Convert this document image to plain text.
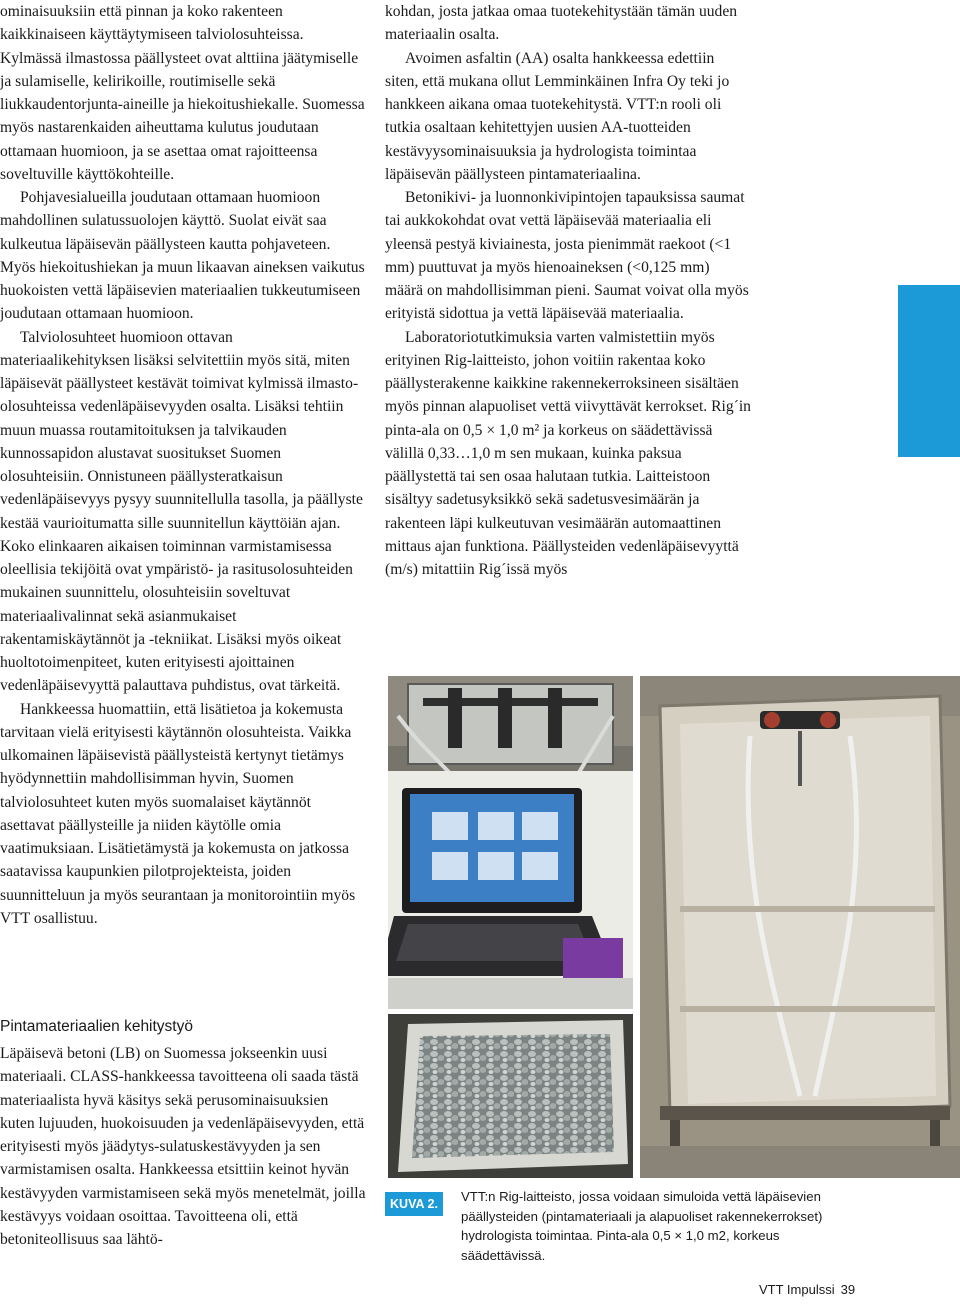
ominaisuuksiin että pinnan ja koko rakenteen kaikkinaiseen käyttäytymiseen talviolosuhteissa. Kylmässä ilmastossa päällysteet ovat alttiina jäätymiselle ja sulamiselle, kelirikoille, routimiselle sekä liukkaudentorjunta-aineille ja hiekoitushiekalle. Suomessa myös nastarenkaiden aiheuttama kulutus joudutaan ottamaan huomioon, ja se asettaa omat rajoitteensa soveltuville käyttökohteille.

Pohjavesialueilla joudutaan ottamaan huomioon mahdollinen sulatussuolojen käyttö. Suolat eivät saa kulkeutua läpäisevän päällysteen kautta pohjaveteen. Myös hiekoitushiekan ja muun likaavan aineksen vaikutus huokoisten vettä läpäisevien materiaalien tukkeutumiseen joudutaan ottamaan huomioon.

Talviolosuhteet huomioon ottavan materiaalikehityksen lisäksi selvitettiin myös sitä, miten läpäisevät päällysteet kestävät toimivat kylmissä ilmasto-olosuhteissa vedenläpäisevyyden osalta. Lisäksi tehtiin muun muassa routamitoituksen ja talvikauden kunnossapidon alustavat suositukset Suomen olosuhteisiin. Onnistuneen päällysteratkaisun vedenläpäisevyys pysyy suunnitellulla tasolla, ja päällyste kestää vaurioitumatta sille suunnitellun käyttöiän ajan. Koko elinkaaren aikaisen toiminnan varmistamisessa oleellisia tekijöitä ovat ympäristö- ja rasitusolosuhteiden mukainen suunnittelu, olosuhteisiin soveltuvat materiaalivalinnat sekä asianmukaiset rakentamiskäytännöt ja -tekniikat. Lisäksi myös oikeat huoltotoimenpiteet, kuten erityisesti ajoittainen vedenläpäisevyyttä palauttava puhdistus, ovat tärkeitä.

Hankkeessa huomattiin, että lisätietoa ja kokemusta tarvitaan vielä erityisesti käytännön olosuhteista. Vaikka ulkomainen läpäisevistä päällysteistä kertynyt tietämys hyödynnettiin mahdollisimman hyvin, Suomen talviolosuhteet kuten myös suomalaiset käytännöt asettavat päällysteille ja niiden käytölle omia vaatimuksiaan. Lisätietämystä ja kokemusta on jatkossa saatavissa kaupunkien pilotprojekteista, joiden suunnitteluun ja myös seurantaan ja monitorointiin myös VTT osallistuu.

Pintamateriaalien kehitystyö

Läpäisevä betoni (LB) on Suomessa jokseenkin uusi materiaali. CLASS-hankkeessa tavoitteena oli saada tästä materiaalista hyvä käsitys sekä perusominaisuuksien kuten lujuuden, huokoisuuden ja vedenläpäisevyyden, että erityisesti myös jäädytys-sulatuskestävyyden ja sen varmistamisen osalta. Hankkeessa etsittiin keinot hyvän kestävyyden varmistamiseen sekä myös menetelmät, joilla kestävyys voidaan osoittaa. Tavoitteena oli, että betoniteollisuus saa lähtö-

kohdan, josta jatkaa omaa tuotekehitystään tämän uuden materiaalin osalta.

Avoimen asfaltin (AA) osalta hankkeessa edettiin siten, että mukana ollut Lemminkäinen Infra Oy teki jo hankkeen aikana omaa tuotekehitystä. VTT:n rooli oli tutkia osaltaan kehitettyjen uusien AA-tuotteiden kestävyysominaisuuksia ja hydrologista toimintaa läpäisevän päällysteen pintamateriaalina.

Betonikivi- ja luonnonkivipintojen tapauksissa saumat tai aukkokohdat ovat vettä läpäisevää materiaalia eli yleensä pestyä kiviainesta, josta pienimmät raekoot (<1 mm) puuttuvat ja myös hienoaineksen (<0,125 mm) määrä on mahdollisimman pieni. Saumat voivat olla myös erityistä sidottua ja vettä läpäisevää materiaalia.

Laboratoriotutkimuksia varten valmistettiin myös erityinen Rig-laitteisto, johon voitiin rakentaa koko päällysterakenne kaikkine rakennekerroksineen sisältäen myös pinnan alapuoliset vettä viivyttävät kerrokset. Rig´in pinta-ala on 0,5 × 1,0 m² ja korkeus on säädettävissä välillä 0,33…1,0 m sen mukaan, kuinka paksua päällystettä tai sen osaa halutaan tutkia. Laitteistoon sisältyy sadetusyksikkö sekä sadetusvesimäärän ja rakenteen läpi kulkeutuvan vesimäärän automaattinen mittaus ajan funktiona. Päällysteiden vedenläpäisevyyttä (m/s) mitattiin Rig´issä myös

KUVA 2.	VTT:n Rig-laitteisto, jossa voidaan simuloida vettä läpäisevien päällysteiden (pintamateriaali ja alapuoliset rakennekerrokset) hydrologista toimintaa. Pinta-ala 0,5 × 1,0 m2, korkeus säädettävissä.
VTT Impulssi 39
